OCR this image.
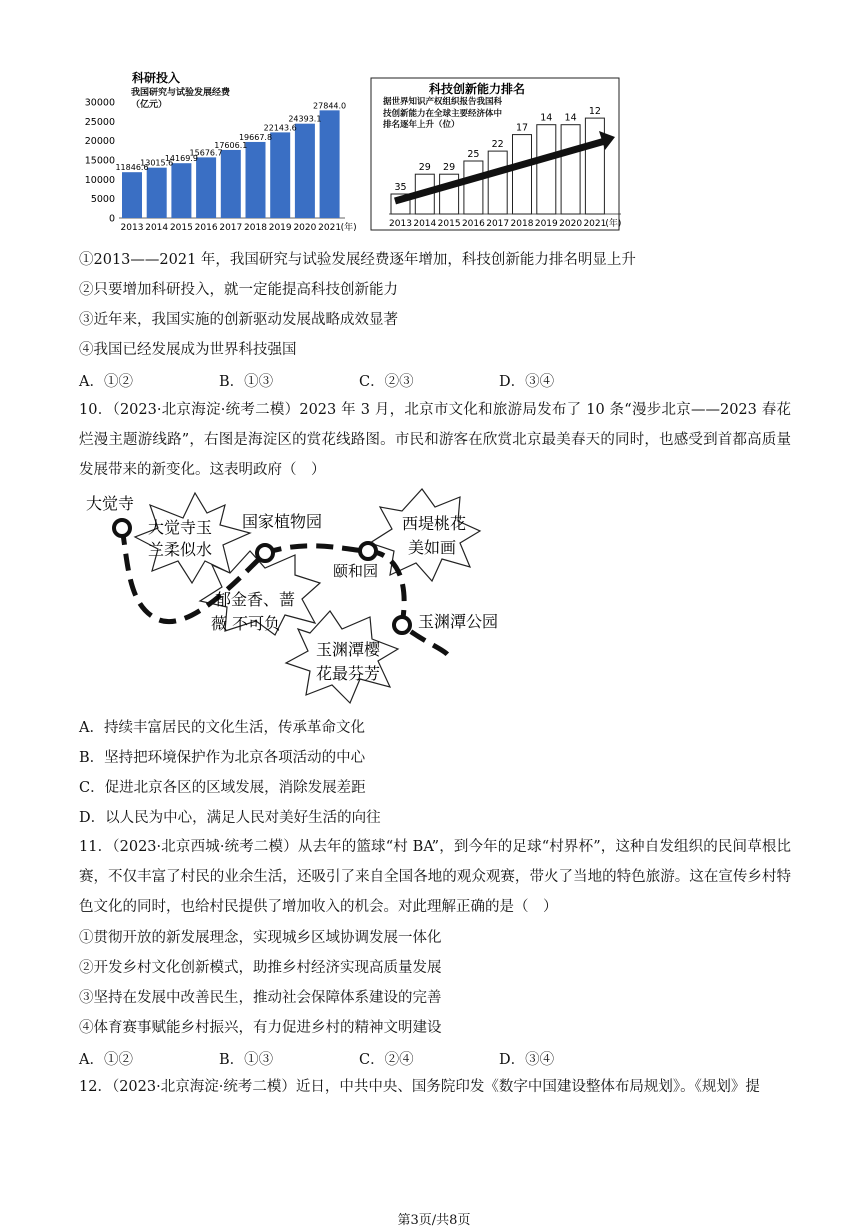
科研投入
我国研究与试验发展经费（亿元）
30000
25000
20000
15000
10000
5000
0
11846.6
13015.6
14169.9
15676.7
17606.1
19667.8
22143.6
24393.1
27844.0
2013 2014 2015 2016 2017 2018 2019 2020 2021 (年)
科技创新能力排名
据世界知识产权组织报告我国科技创新能力在全球主要经济体中排名逐年上升（位）
35
29 29
25
22
17
14 14
12
2013 2014 2015 2016 2017 2018 2019 2020 2021 (年)
①2013——2021 年，我国研究与试验发展经费逐年增加，科技创新能力排名明显上升
②只要增加科研投入，就一定能提高科技创新能力
③近年来，我国实施的创新驱动发展战略成效显著
④我国已经发展成为世界科技强国
A．①②	B．①③	C．②③	D．③④
10．（2023·北京海淀·统考二模）2023 年 3 月，北京市文化和旅游局发布了 10 条“漫步北京——2023 春花烂漫主题游线路”，右图是海淀区的赏花线路图。市民和游客在欣赏北京最美春天的同时，也感受到首都高质量发展带来的新变化。这表明政府（　）
大觉寺
国家植物园
颐和园
玉渊潭公园
大觉寺玉
兰柔似水
郁金香、蔷
薇 不可负
西堤桃花
美如画
玉渊潭樱
花最芬芳
A．持续丰富居民的文化生活，传承革命文化
B．坚持把环境保护作为北京各项活动的中心
C．促进北京各区的区域发展，消除发展差距
D．以人民为中心，满足人民对美好生活的向往
11．（2023·北京西城·统考二模）从去年的篮球“村 BA”，到今年的足球“村界杯”，这种自发组织的民间草根比赛，不仅丰富了村民的业余生活，还吸引了来自全国各地的观众观赛，带火了当地的特色旅游。这在宣传乡村特色文化的同时，也给村民提供了增加收入的机会。对此理解正确的是（　）
①贯彻开放的新发展理念，实现城乡区域协调发展一体化
②开发乡村文化创新模式，助推乡村经济实现高质量发展
③坚持在发展中改善民生，推动社会保障体系建设的完善
④体育赛事赋能乡村振兴，有力促进乡村的精神文明建设
A．①②	B．①③	C．②④	D．③④
12．（2023·北京海淀·统考二模）近日，中共中央、国务院印发《数字中国建设整体布局规划》。《规划》提
第3页/共8页
